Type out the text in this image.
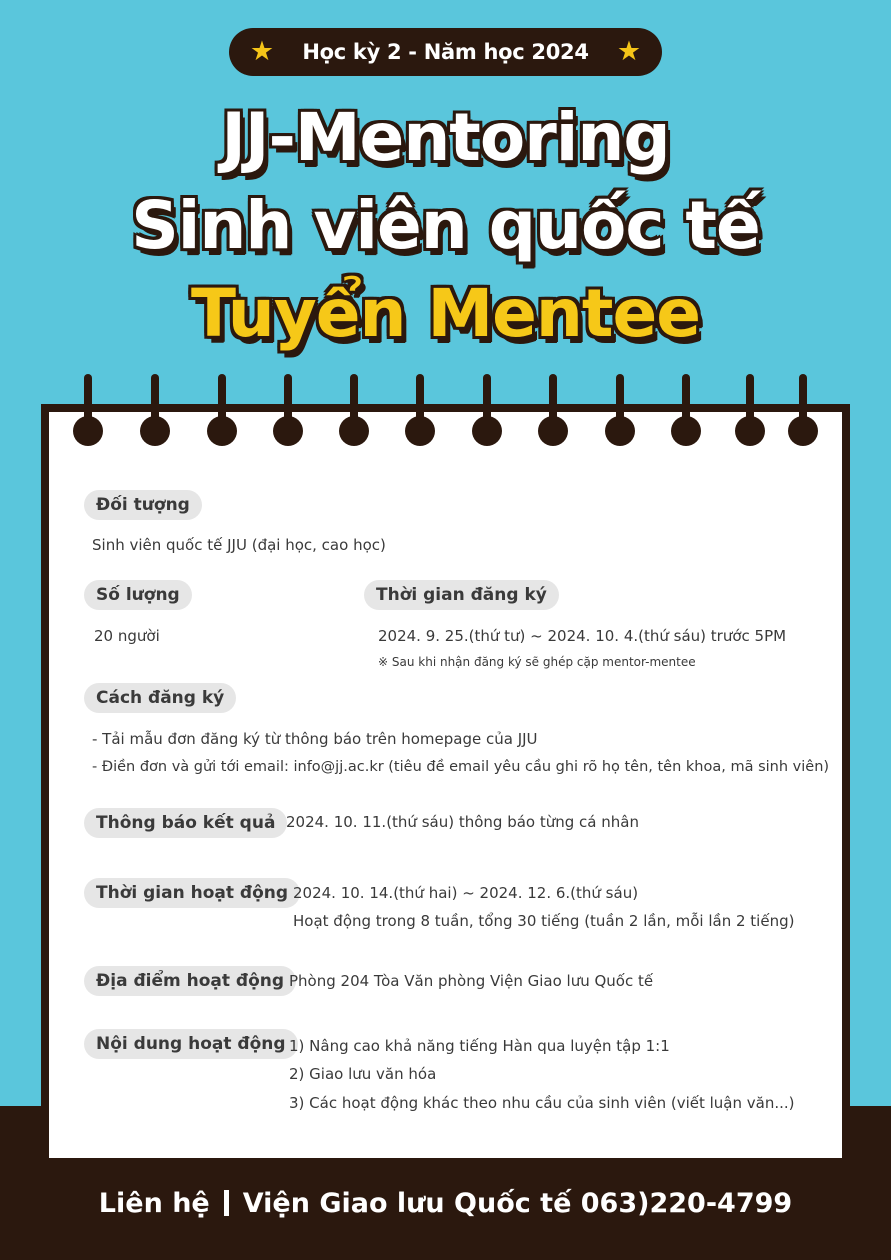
★ Học kỳ 2 - Năm học 2024 ★
JJ-Mentoring
Sinh viên quốc tế
Tuyển Mentee
Đối tượng
Sinh viên quốc tế JJU (đại học, cao học)
Số lượng
20 người
Thời gian đăng ký
2024. 9. 25.(thứ tư) ~ 2024. 10. 4.(thứ sáu) trước 5PM
※ Sau khi nhận đăng ký sẽ ghép cặp mentor-mentee
Cách đăng ký
- Tải mẫu đơn đăng ký từ thông báo trên homepage của JJU
- Điền đơn và gửi tới email: info@jj.ac.kr (tiêu đề email yêu cầu ghi rõ họ tên, tên khoa, mã sinh viên)
Thông báo kết quả 2024. 10. 11.(thứ sáu) thông báo từng cá nhân
Thời gian hoạt động 2024. 10. 14.(thứ hai) ~ 2024. 12. 6.(thứ sáu)
Hoạt động trong 8 tuần, tổng 30 tiếng (tuần 2 lần, mỗi lần 2 tiếng)
Địa điểm hoạt động Phòng 204 Tòa Văn phòng Viện Giao lưu Quốc tế
Nội dung hoạt động 1) Nâng cao khả năng tiếng Hàn qua luyện tập 1:1
2) Giao lưu văn hóa
3) Các hoạt động khác theo nhu cầu của sinh viên (viết luận văn...)
Liên hệ Viện Giao lưu Quốc tế 063)220-4799
